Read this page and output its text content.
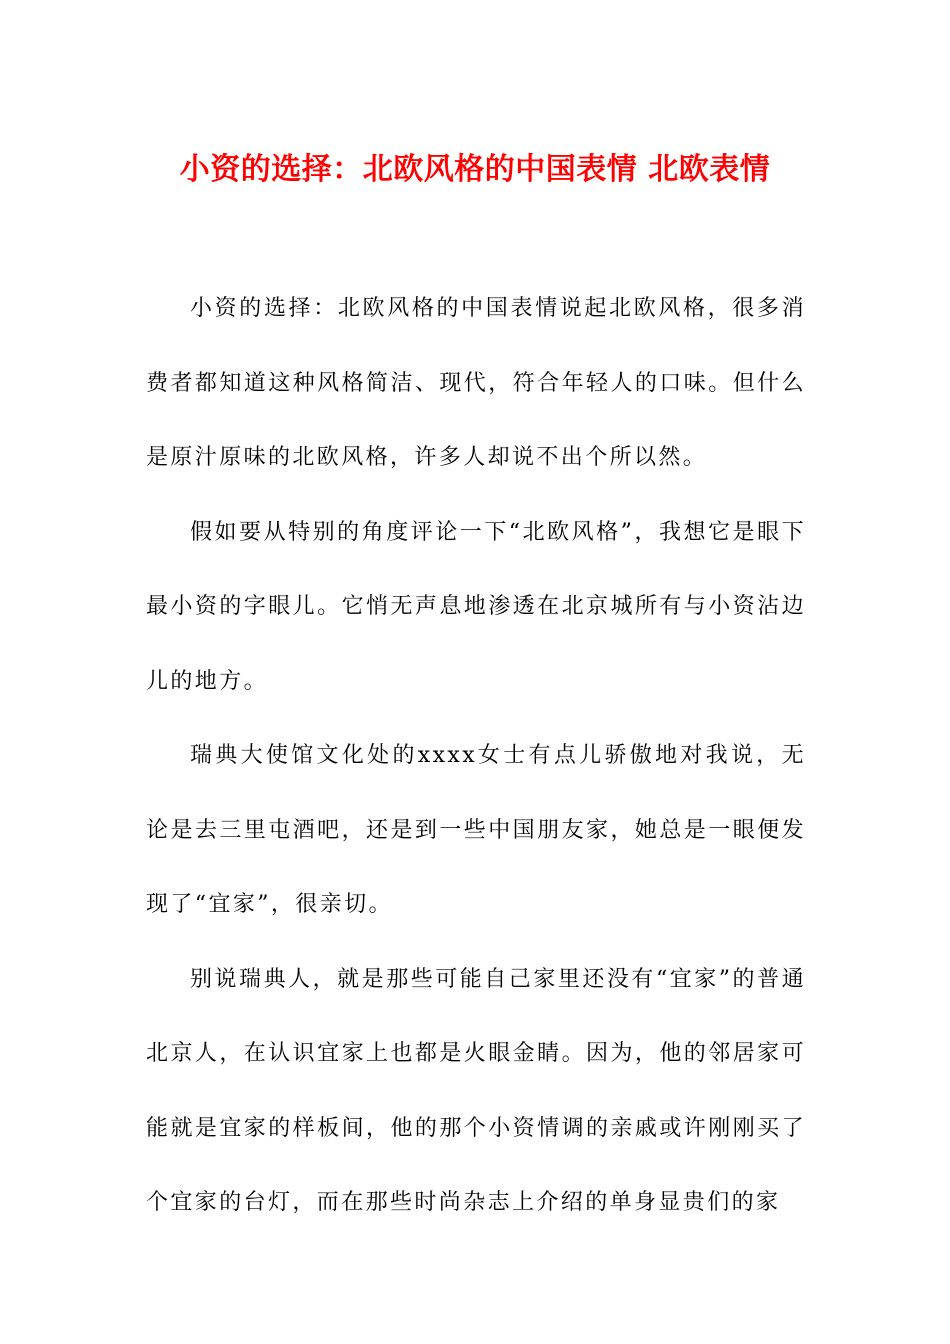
小资的选择：北欧风格的中国表情 北欧表情

小资的选择：北欧风格的中国表情说起北欧风格，很多消费者都知道这种风格简洁、现代，符合年轻人的口味。但什么是原汁原味的北欧风格，许多人却说不出个所以然。

假如要从特别的角度评论一下“北欧风格”，我想它是眼下最小资的字眼儿。它悄无声息地渗透在北京城所有与小资沾边儿的地方。

瑞典大使馆文化处的xxxx女士有点儿骄傲地对我说，无论是去三里屯酒吧，还是到一些中国朋友家，她总是一眼便发现了“宜家”，很亲切。

别说瑞典人，就是那些可能自己家里还没有“宜家”的普通北京人，在认识宜家上也都是火眼金睛。因为，他的邻居家可能就是宜家的样板间，他的那个小资情调的亲戚或许刚刚买了个宜家的台灯，而在那些时尚杂志上介绍的单身显贵们的家
